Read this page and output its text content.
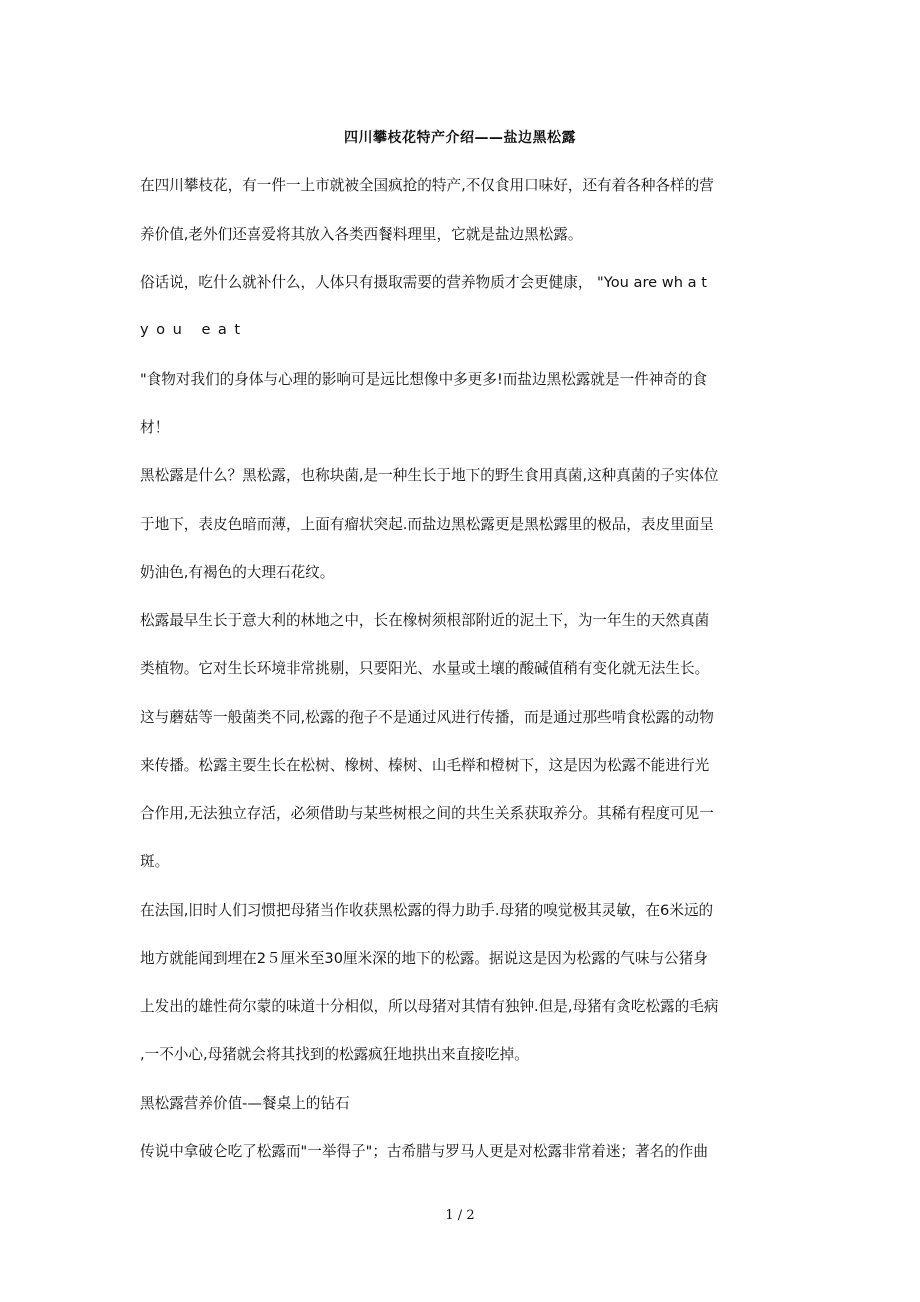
四川攀枝花特产介绍——盐边黑松露
在四川攀枝花，有一件一上市就被全国疯抢的特产,不仅食用口味好，还有着各种各样的营
养价值,老外们还喜爱将其放入各类西餐料理里，它就是盐边黑松露。
俗话说，吃什么就补什么，人体只有摄取需要的营养物质才会更健康， "You are wh a t
you eat
"食物对我们的身体与心理的影响可是远比想像中多更多!而盐边黑松露就是一件神奇的食
材！
黑松露是什么？黑松露，也称块菌,是一种生长于地下的野生食用真菌,这种真菌的子实体位
于地下，表皮色暗而薄，上面有瘤状突起.而盐边黑松露更是黑松露里的极品，表皮里面呈
奶油色,有褐色的大理石花纹。
松露最早生长于意大利的林地之中，长在橡树须根部附近的泥土下，为一年生的天然真菌
类植物。它对生长环境非常挑剔，只要阳光、水量或土壤的酸碱值稍有变化就无法生长。
这与蘑菇等一般菌类不同,松露的孢子不是通过风进行传播，而是通过那些啃食松露的动物
来传播。松露主要生长在松树、橡树、榛树、山毛榉和橙树下，这是因为松露不能进行光
合作用,无法独立存活，必须借助与某些树根之间的共生关系获取养分。其稀有程度可见一
斑。
在法国,旧时人们习惯把母猪当作收获黑松露的得力助手.母猪的嗅觉极其灵敏，在6米远的
地方就能闻到埋在2５厘米至30厘米深的地下的松露。据说这是因为松露的气味与公猪身
上发出的雄性荷尔蒙的味道十分相似，所以母猪对其情有独钟.但是,母猪有贪吃松露的毛病
,一不小心,母猪就会将其找到的松露疯狂地拱出来直接吃掉。
黑松露营养价值-—餐桌上的钻石
传说中拿破仑吃了松露而"一举得子"；古希腊与罗马人更是对松露非常着迷；著名的作曲
1 / 2
